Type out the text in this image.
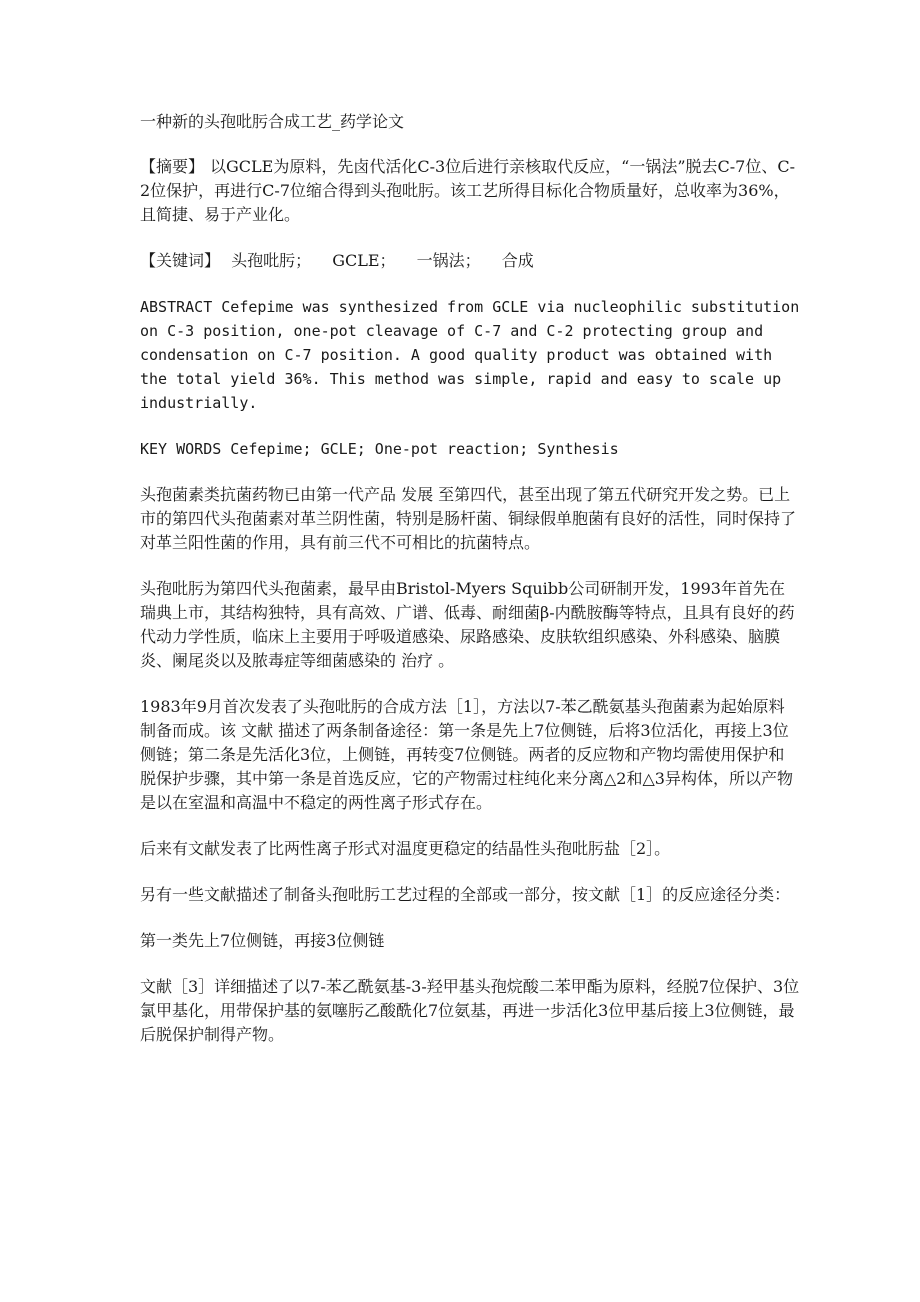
一种新的头孢吡肟合成工艺_药学论文

【摘要】 以GCLE为原料，先卤代活化C-3位后进行亲核取代反应，“一锅法”脱去C-7位、C-2位保护，再进行C-7位缩合得到头孢吡肟。该工艺所得目标化合物质量好，总收率为36%，且简捷、易于产业化。

【关键词】 头孢吡肟； GCLE； 一锅法； 合成

ABSTRACT Cefepime was synthesized from GCLE via nucleophilic substitution on C-3 position, one-pot cleavage of C-7 and C-2 protecting group and condensation on C-7 position. A good quality product was obtained with the total yield 36%. This method was simple, rapid and easy to scale up industrially.

KEY WORDS Cefepime; GCLE; One-pot reaction; Synthesis

头孢菌素类抗菌药物已由第一代产品 发展 至第四代，甚至出现了第五代研究开发之势。已上市的第四代头孢菌素对革兰阴性菌，特别是肠杆菌、铜绿假单胞菌有良好的活性，同时保持了对革兰阳性菌的作用，具有前三代不可相比的抗菌特点。

头孢吡肟为第四代头孢菌素，最早由Bristol-Myers Squibb公司研制开发，1993年首先在瑞典上市，其结构独特，具有高效、广谱、低毒、耐细菌β-内酰胺酶等特点，且具有良好的药代动力学性质，临床上主要用于呼吸道感染、尿路感染、皮肤软组织感染、外科感染、脑膜炎、阑尾炎以及脓毒症等细菌感染的 治疗 。

1983年9月首次发表了头孢吡肟的合成方法［1］，方法以7-苯乙酰氨基头孢菌素为起始原料制备而成。该 文献 描述了两条制备途径：第一条是先上7位侧链，后将3位活化，再接上3位侧链；第二条是先活化3位，上侧链，再转变7位侧链。两者的反应物和产物均需使用保护和脱保护步骤，其中第一条是首选反应，它的产物需过柱纯化来分离△2和△3异构体，所以产物是以在室温和高温中不稳定的两性离子形式存在。

后来有文献发表了比两性离子形式对温度更稳定的结晶性头孢吡肟盐［2］。

另有一些文献描述了制备头孢吡肟工艺过程的全部或一部分，按文献［1］的反应途径分类：

第一类先上7位侧链，再接3位侧链

文献［3］详细描述了以7-苯乙酰氨基-3-羟甲基头孢烷酸二苯甲酯为原料，经脱7位保护、3位氯甲基化，用带保护基的氨噻肟乙酸酰化7位氨基，再进一步活化3位甲基后接上3位侧链，最后脱保护制得产物。
